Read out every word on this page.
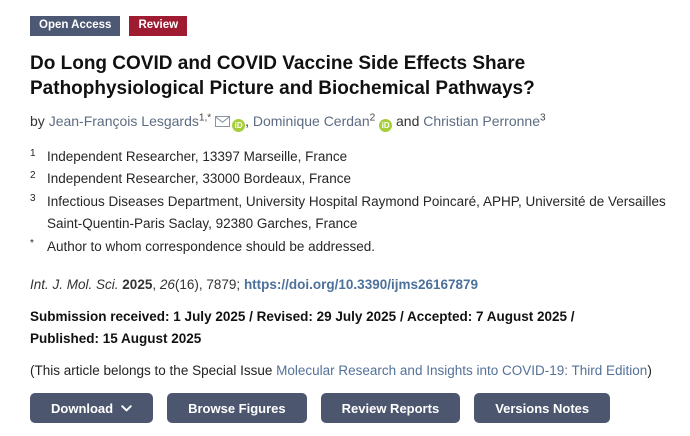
Open Access	Review
Do Long COVID and COVID Vaccine Side Effects Share Pathophysiological Picture and Biochemical Pathways?
by Jean-François Lesgards$^{1,*}$ iD , Dominique Cerdan$^2$ iD and Christian Perronne$^3$
1 Independent Researcher, 13397 Marseille, France
2 Independent Researcher, 33000 Bordeaux, France
3 Infectious Diseases Department, University Hospital Raymond Poincaré, APHP, Université de Versailles Saint-Quentin-Paris Saclay, 92380 Garches, France
* Author to whom correspondence should be addressed.
Int. J. Mol. Sci. 2025, 26(16), 7879; https://doi.org/10.3390/ijms26167879
Submission received: 1 July 2025 / Revised: 29 July 2025 / Accepted: 7 August 2025 /
Published: 15 August 2025
(This article belongs to the Special Issue Molecular Research and Insights into COVID-19: Third Edition)
Download	Browse Figures	Review Reports	Versions Notes
